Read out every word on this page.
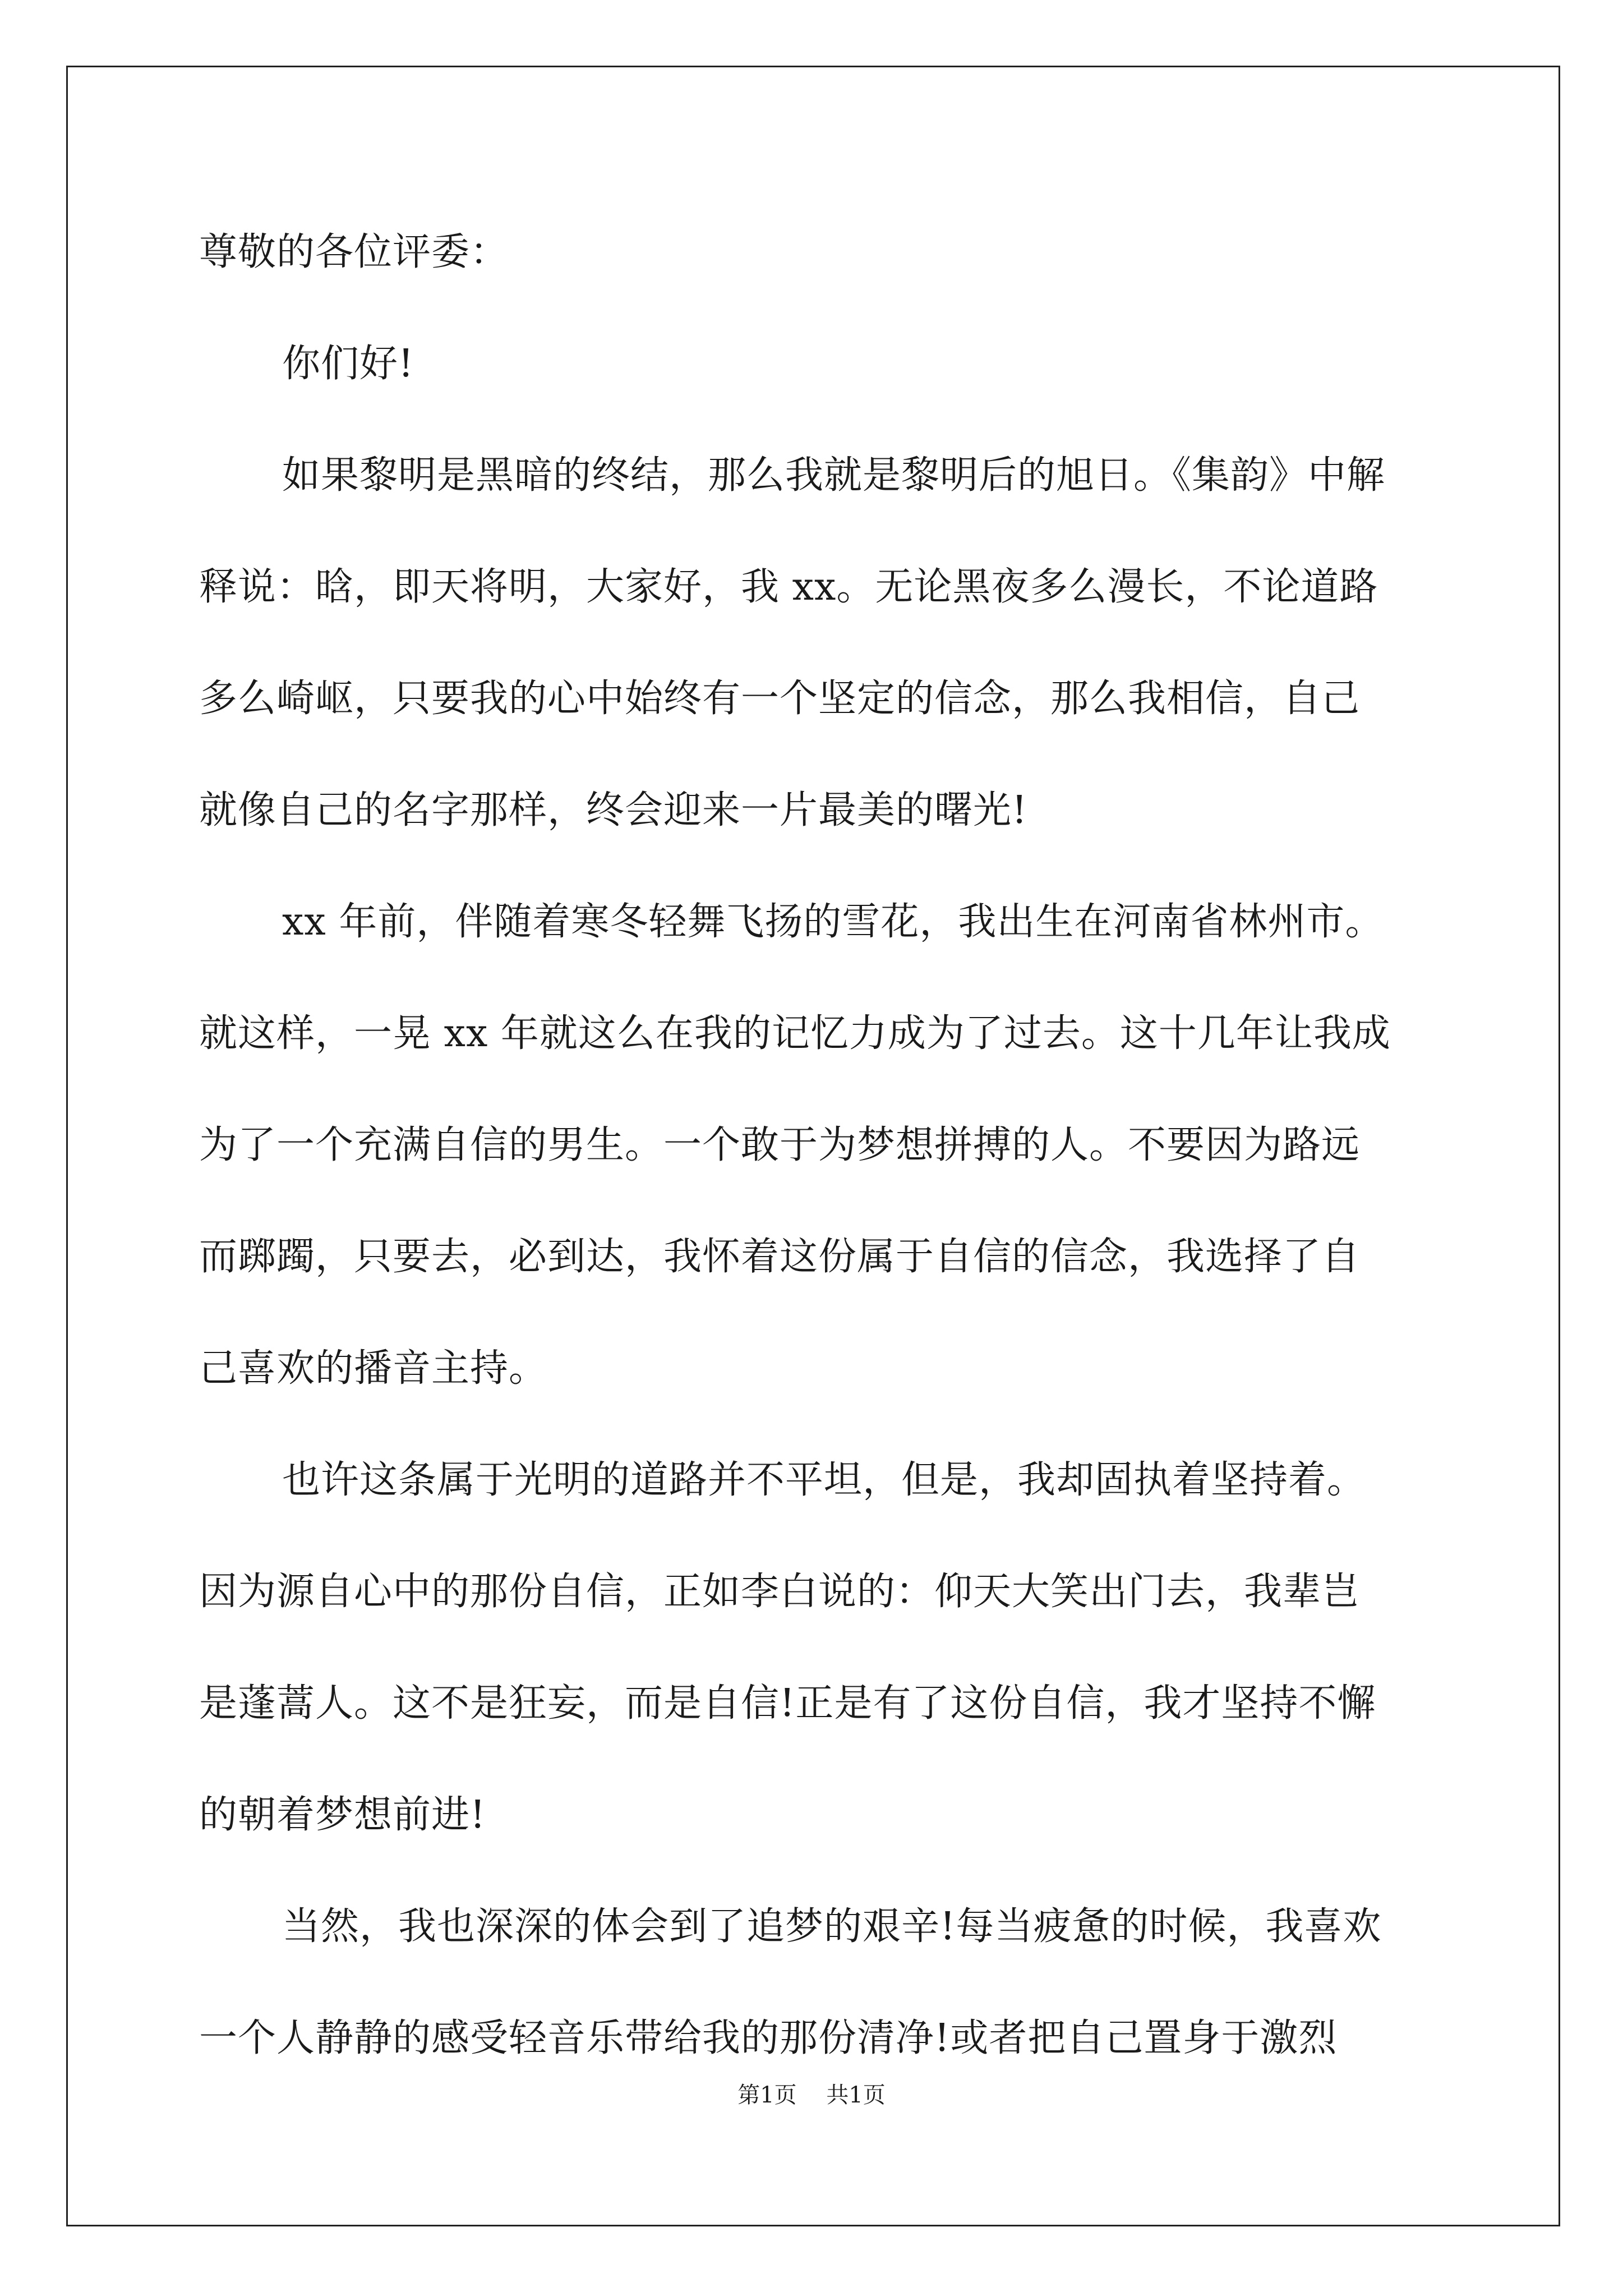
尊敬的各位评委：
你们好!
如果黎明是黑暗的终结，那么我就是黎明后的旭日。《集韵》中解
释说：晗，即天将明，大家好，我 xx。无论黑夜多么漫长，不论道路
多么崎岖，只要我的心中始终有一个坚定的信念，那么我相信，自己
就像自己的名字那样，终会迎来一片最美的曙光!
xx 年前，伴随着寒冬轻舞飞扬的雪花，我出生在河南省林州市。
就这样，一晃 xx 年就这么在我的记忆力成为了过去。这十几年让我成
为了一个充满自信的男生。一个敢于为梦想拼搏的人。不要因为路远
而踯躅，只要去，必到达，我怀着这份属于自信的信念，我选择了自
己喜欢的播音主持。
也许这条属于光明的道路并不平坦，但是，我却固执着坚持着。
因为源自心中的那份自信，正如李白说的：仰天大笑出门去，我辈岂
是蓬蒿人。这不是狂妄，而是自信!正是有了这份自信，我才坚持不懈
的朝着梦想前进!
当然，我也深深的体会到了追梦的艰辛!每当疲惫的时候，我喜欢
一个人静静的感受轻音乐带给我的那份清净!或者把自己置身于激烈
第1页 共1页
